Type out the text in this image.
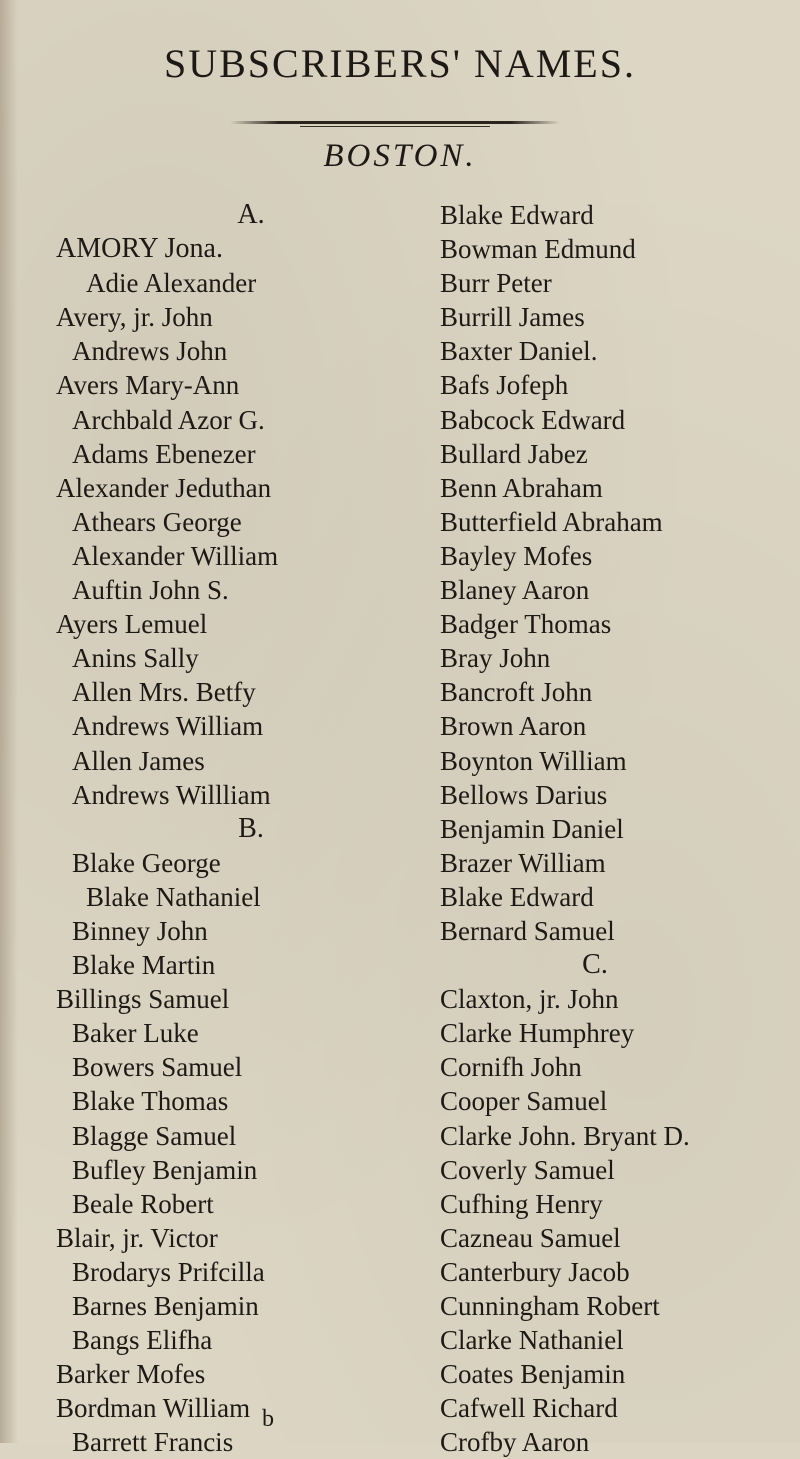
SUBSCRIBERS' NAMES.
BOSTON.
A.
AMORY Jona.
Adie Alexander
Avery, jr. John
Andrews John
Avers Mary-Ann
Archbald Azor G.
Adams Ebenezer
Alexander Jeduthan
Athears George
Alexander William
Auftin John S.
Ayers Lemuel
Anins Sally
Allen Mrs. Betfy
Andrews William
Allen James
Andrews Willliam
B.
Blake George
Blake Nathaniel
Binney John
Blake Martin
Billings Samuel
Baker Luke
Bowers Samuel
Blake Thomas
Blagge Samuel
Bufley Benjamin
Beale Robert
Blair, jr. Victor
Brodarys Prifcilla
Barnes Benjamin
Bangs Elifha
Barker Mofes
Bordman William
Barrett Francis
Blake Edward
Bowman Edmund
Burr Peter
Burrill James
Baxter Daniel.
Bafs Jofeph
Babcock Edward
Bullard Jabez
Benn Abraham
Butterfield Abraham
Bayley Mofes
Blaney Aaron
Badger Thomas
Bray John
Bancroft John
Brown Aaron
Boynton William
Bellows Darius
Benjamin Daniel
Brazer William
Blake Edward
Bernard Samuel
C.
Claxton, jr. John
Clarke Humphrey
Cornifh John
Cooper Samuel
Clarke John. Bryant D.
Coverly Samuel
Cufhing Henry
Cazneau Samuel
Canterbury Jacob
Cunningham Robert
Clarke Nathaniel
Coates Benjamin
Cafwell Richard
Crofby Aaron
b
